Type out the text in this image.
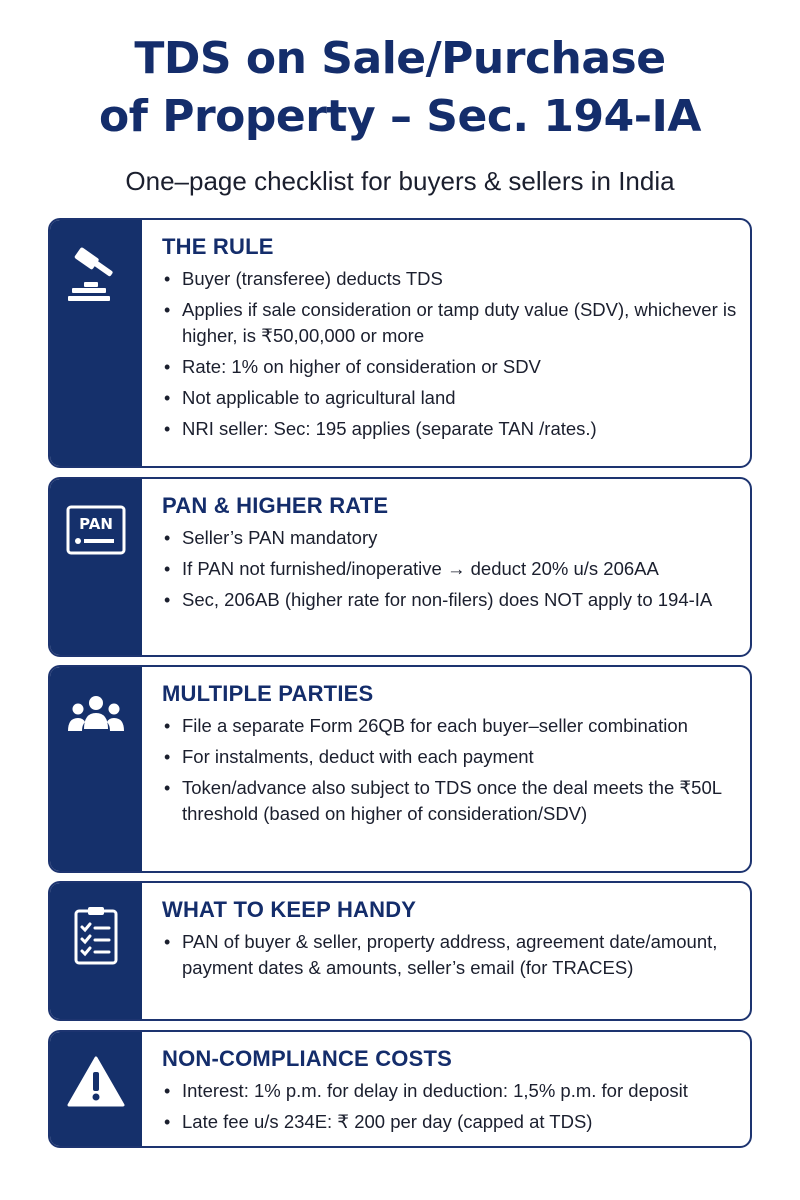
TDS on Sale/Purchase
of Property – Sec. 194-IA

One–page checklist for buyers & sellers in India

THE RULE
• Buyer (transferee) deducts TDS
• Applies if sale consideration or tamp duty value (SDV), whichever is higher, is ₹50,00,000 or more
• Rate: 1% on higher of consideration or SDV
• Not applicable to agricultural land
• NRI seller: Sec: 195 applies (separate TAN /rates.)
PAN
PAN & HIGHER RATE
• Seller’s PAN mandatory
• If PAN not furnished/inoperative → deduct 20% u/s 206AA
• Sec, 206AB (higher rate for non-filers) does NOT apply to 194-IA
MULTIPLE PARTIES
• File a separate Form 26QB for each buyer–seller combination
• For instalments, deduct with each payment
• Token/advance also subject to TDS once the deal meets the ₹50L threshold (based on higher of consideration/SDV)
WHAT TO KEEP HANDY
• PAN of buyer & seller, property address, agreement date/amount, payment dates & amounts, seller’s email (for TRACES)
NON-COMPLIANCE COSTS
• Interest: 1% p.m. for delay in deduction: 1,5% p.m. for deposit
• Late fee u/s 234E: ₹ 200 per day (capped at TDS)
